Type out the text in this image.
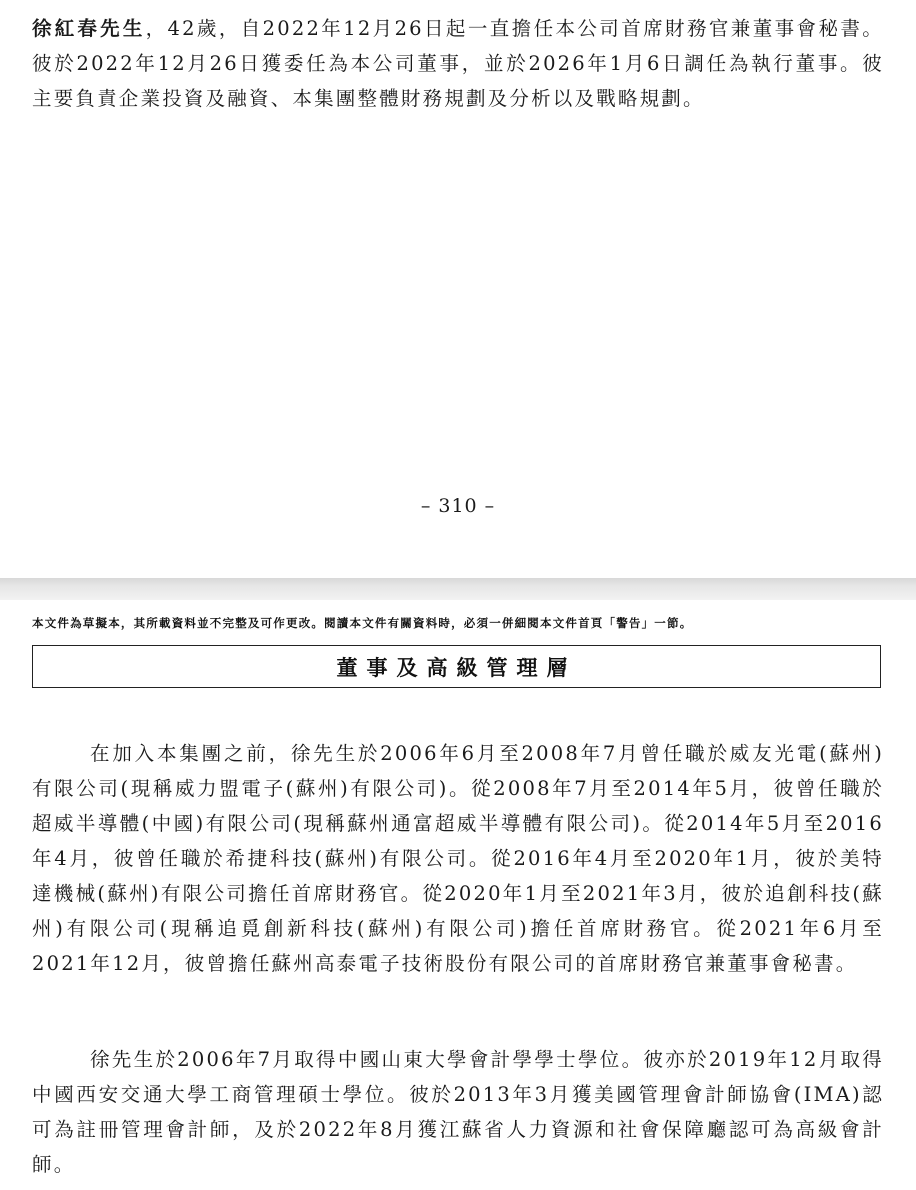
徐紅春先生，42歲，自2022年12月26日起一直擔任本公司首席財務官兼董事會秘書。彼於2022年12月26日獲委任為本公司董事，並於2026年1月6日調任為執行董事。彼主要負責企業投資及融資、本集團整體財務規劃及分析以及戰略規劃。

– 310 –
本文件為草擬本，其所載資料並不完整及可作更改。閱讀本文件有關資料時，必須一併細閱本文件首頁「警告」一節。
董事及高級管理層

在加入本集團之前，徐先生於2006年6月至2008年7月曾任職於威友光電(蘇州)有限公司(現稱威力盟電子(蘇州)有限公司)。從2008年7月至2014年5月，彼曾任職於超威半導體(中國)有限公司(現稱蘇州通富超威半導體有限公司)。從2014年5月至2016年4月，彼曾任職於希捷科技(蘇州)有限公司。從2016年4月至2020年1月，彼於美特達機械(蘇州)有限公司擔任首席財務官。從2020年1月至2021年3月，彼於追創科技(蘇州)有限公司(現稱追覓創新科技(蘇州)有限公司)擔任首席財務官。從2021年6月至2021年12月，彼曾擔任蘇州高泰電子技術股份有限公司的首席財務官兼董事會秘書。

徐先生於2006年7月取得中國山東大學會計學學士學位。彼亦於2019年12月取得中國西安交通大學工商管理碩士學位。彼於2013年3月獲美國管理會計師協會(IMA)認可為註冊管理會計師，及於2022年8月獲江蘇省人力資源和社會保障廳認可為高級會計師。
